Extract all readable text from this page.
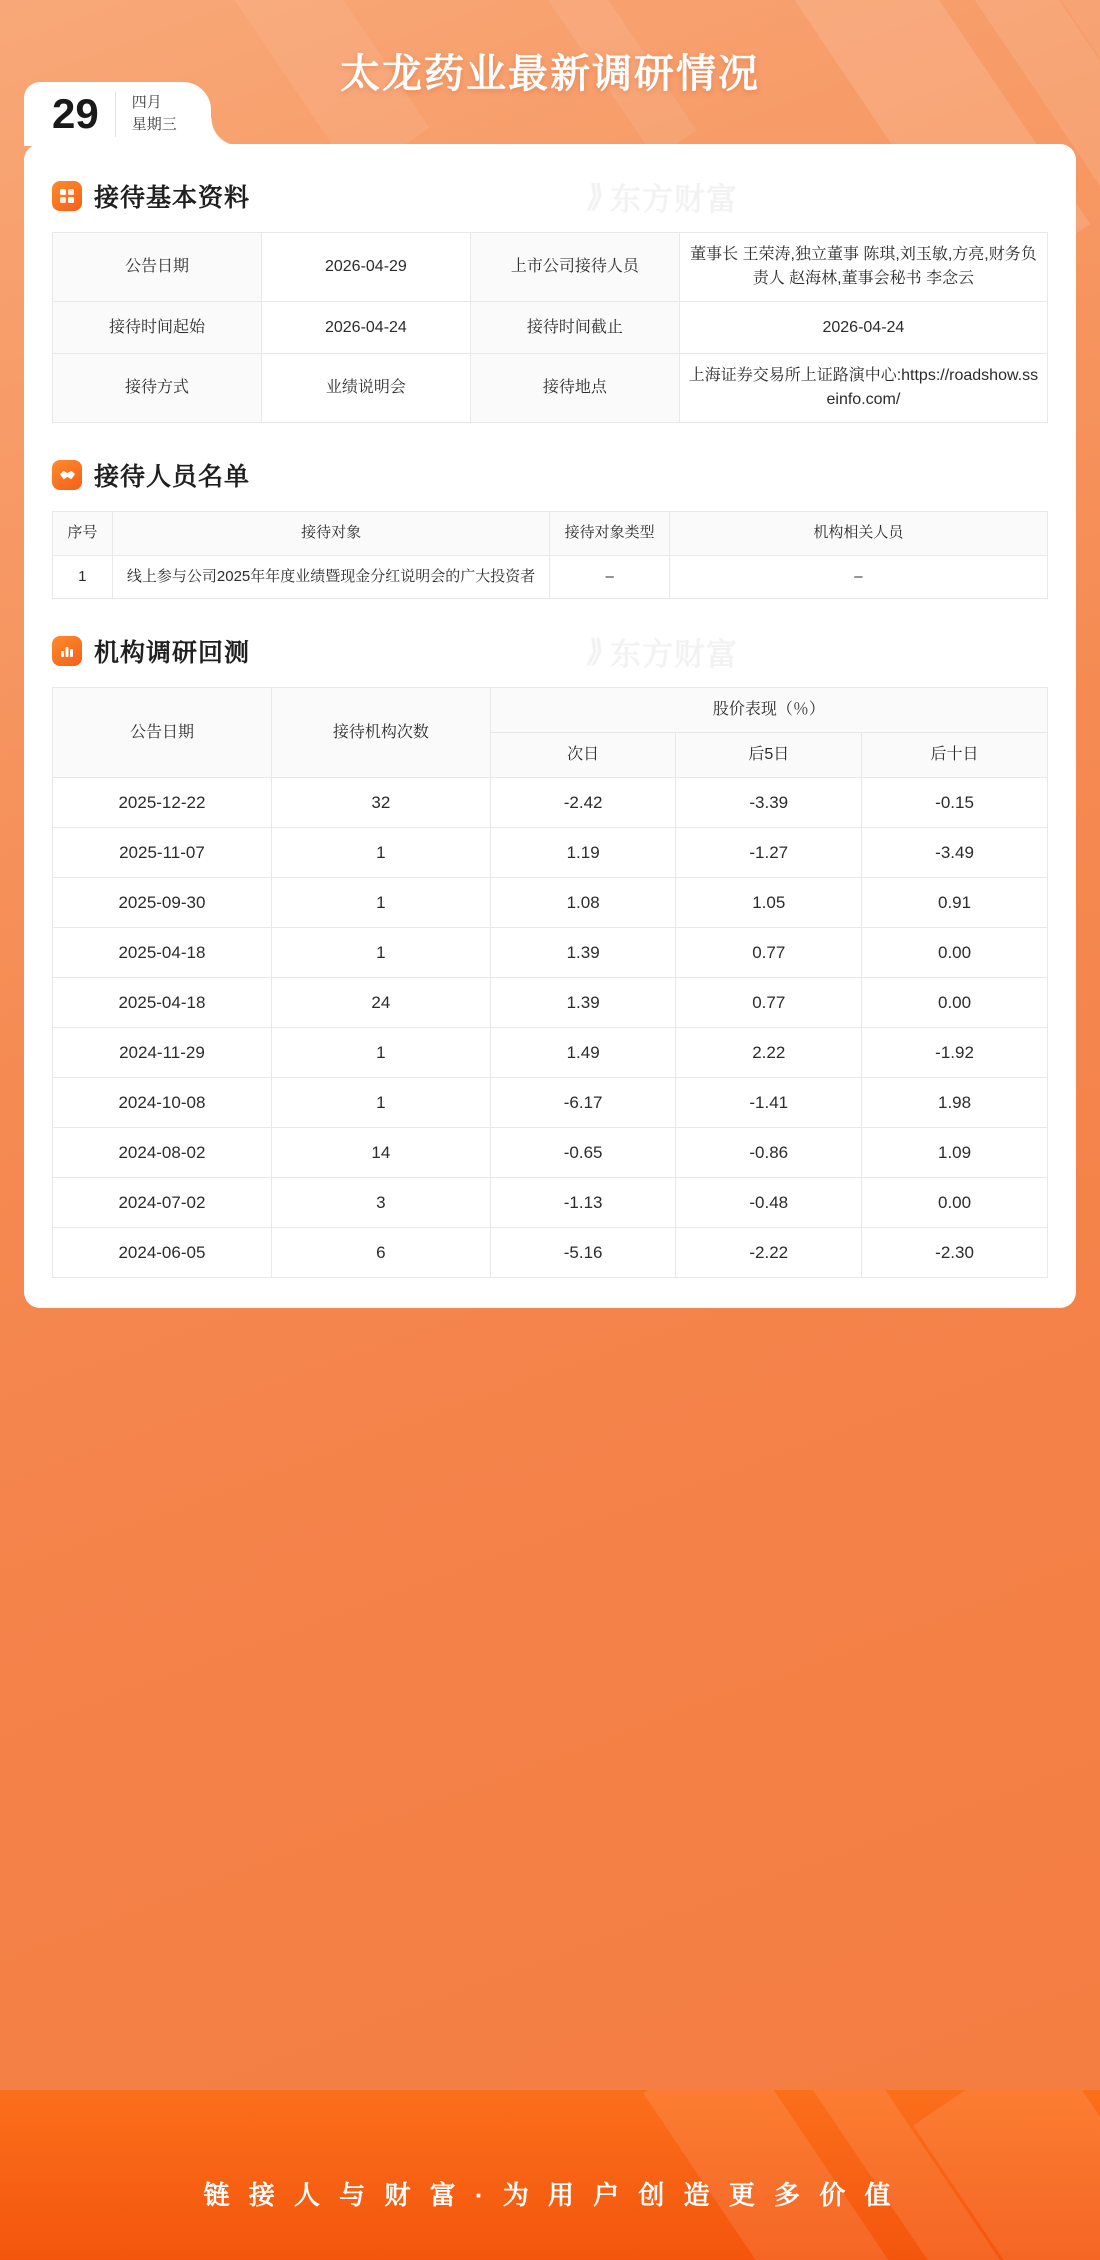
太龙药业最新调研情况
29	四月
星期三
接待基本资料	⟫ 东方财富
公告日期	2026-04-29	上市公司接待人员	董事长 王荣涛,独立董事 陈琪,刘玉敏,方亮,财务负责人 赵海林,董事会秘书 李念云
接待时间起始	2026-04-24	接待时间截止	2026-04-24
接待方式	业绩说明会	接待地点	上海证券交易所上证路演中心:https://roadshow.sseinfo.com/
接待人员名单
序号	接待对象	接待对象类型	机构相关人员
1	线上参与公司2025年年度业绩暨现金分红说明会的广大投资者	–	–
机构调研回测	⟫ 东方财富
公告日期	接待机构次数	股价表现（％）		
		次日	后5日	后十日
2025-12-22	32	-2.42	-3.39	-0.15
2025-11-07	1	1.19	-1.27	-3.49
2025-09-30	1	1.08	1.05	0.91
2025-04-18	1	1.39	0.77	0.00
2025-04-18	24	1.39	0.77	0.00
2024-11-29	1	1.49	2.22	-1.92
2024-10-08	1	-6.17	-1.41	1.98
2024-08-02	14	-0.65	-0.86	1.09
2024-07-02	3	-1.13	-0.48	0.00
2024-06-05	6	-5.16	-2.22	-2.30
链 接 人 与 财 富 · 为 用 户 创 造 更 多 价 值
